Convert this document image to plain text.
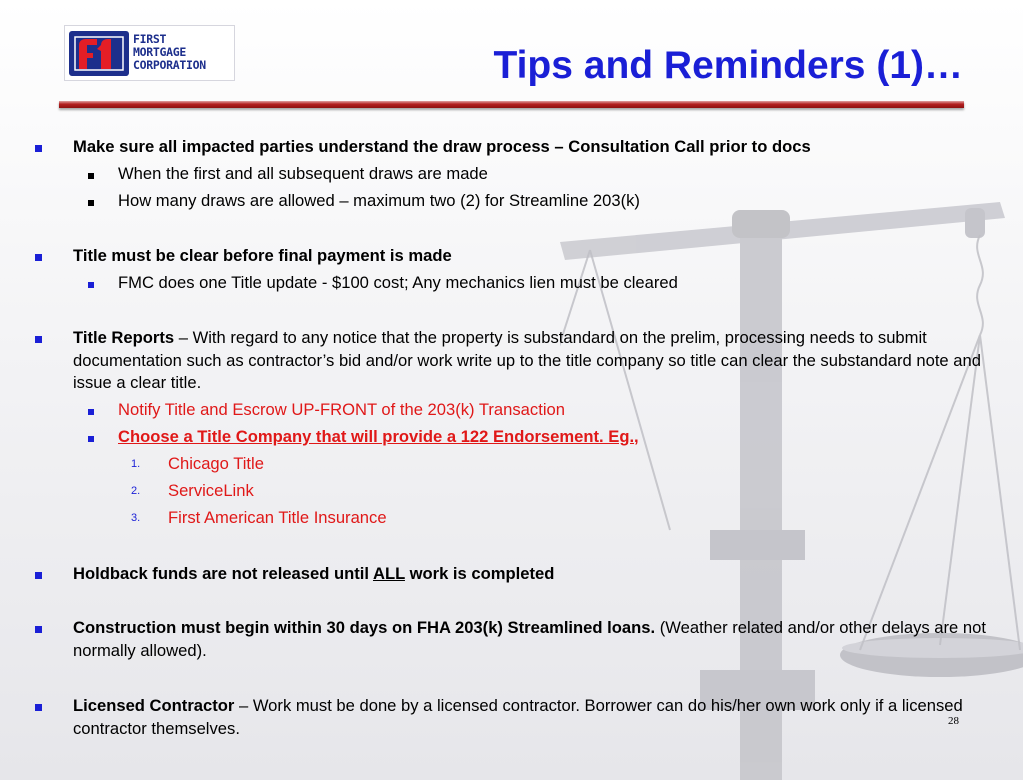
FIRST
MORTGAGE
CORPORATION	Tips and Reminders (1)…
Make sure all impacted parties understand the draw process – Consultation Call prior to docs
When the first and all subsequent draws are made
How many draws are allowed – maximum two (2) for Streamline 203(k)
Title must be clear before final payment is made
FMC does one Title update - $100 cost; Any mechanics lien must be cleared
Title Reports – With regard to any notice that the property is substandard on the prelim, processing needs to submit documentation such as contractor’s bid and/or work write up to the title company so title can clear the substandard note and issue a clear title.
Notify Title and Escrow UP-FRONT of the 203(k) Transaction
Choose a Title Company that will provide a 122 Endorsement. Eg.,
1. Chicago Title
2. ServiceLink
3. First American Title Insurance
Holdback funds are not released until ALL work is completed
Construction must begin within 30 days on FHA 203(k) Streamlined loans. (Weather related and/or other delays are not normally allowed).
Licensed Contractor – Work must be done by a licensed contractor. Borrower can do his/her own work only if a licensed contractor themselves.	28
